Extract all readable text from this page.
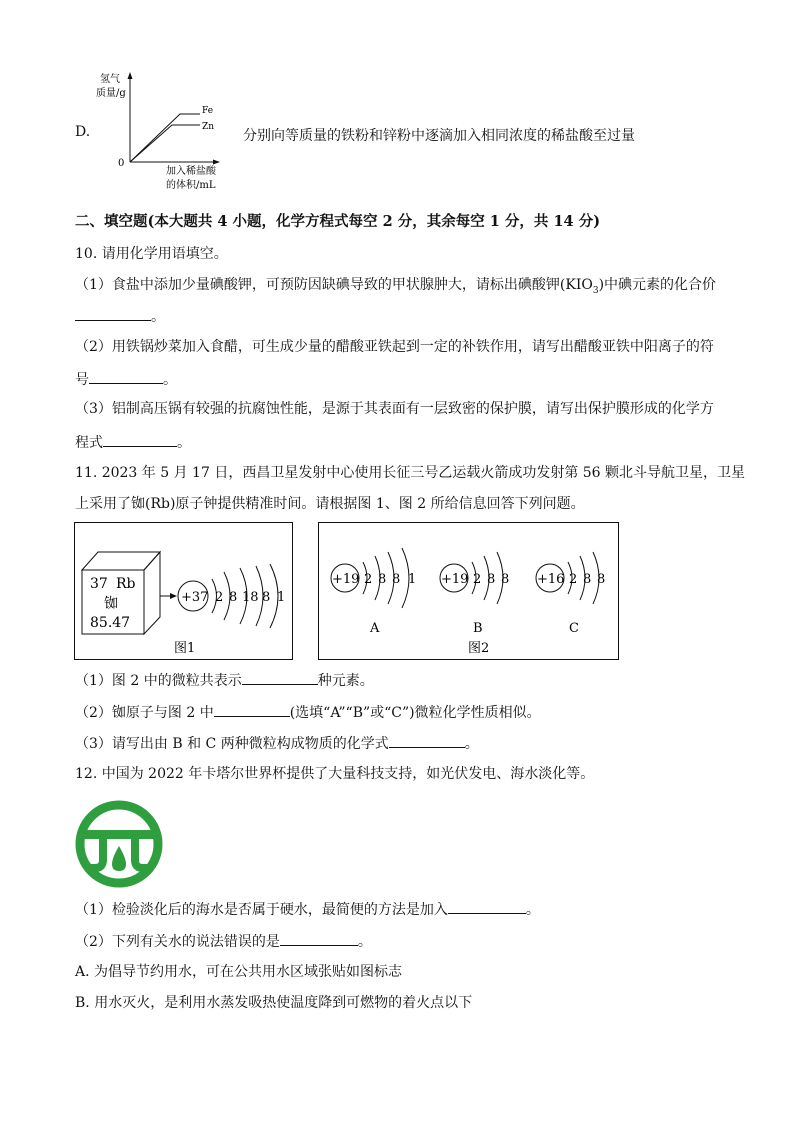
D.
氢气
质量/g
0
Fe
Zn
加入稀盐酸
的体积/mL
分别向等质量的铁粉和锌粉中逐滴加入相同浓度的稀盐酸至过量
二、填空题(本大题共 4 小题，化学方程式每空 2 分，其余每空 1 分，共 14 分)
10. 请用化学用语填空。
（1）食盐中添加少量碘酸钾，可预防因缺碘导致的甲状腺肿大，请标出碘酸钾$(KIO_3)$中碘元素的化合价
。
（2）用铁锅炒菜加入食醋，可生成少量的醋酸亚铁起到一定的补铁作用，请写出醋酸亚铁中阳离子的符
号	。
（3）铝制高压锅有较强的抗腐蚀性能，是源于其表面有一层致密的保护膜，请写出保护膜形成的化学方
程式	。
11. 2023 年 5 月 17 日，西昌卫星发射中心使用长征三号乙运载火箭成功发射第 56 颗北斗导航卫星，卫星
上采用了铷(Rb)原子钟提供精准时间。请根据图 1、图 2 所给信息回答下列问题。
37 Rb
铷
85.47
+37 2 8 18 8 1
图1
+19 2 8 8 1
A
+19 2 8 8
B
+16 2 8 8
C
图2
（1）图 2 中的微粒共表示	种元素。
（2）铷原子与图 2 中	(选填“A”“B”或“C”)微粒化学性质相似。
（3）请写出由 B 和 C 两种微粒构成物质的化学式	。
12. 中国为 2022 年卡塔尔世界杯提供了大量科技支持，如光伏发电、海水淡化等。
（1）检验淡化后的海水是否属于硬水，最简便的方法是加入	。
（2）下列有关水的说法错误的是	。
A. 为倡导节约用水，可在公共用水区域张贴如图标志
B. 用水灭火，是利用水蒸发吸热使温度降到可燃物的着火点以下
